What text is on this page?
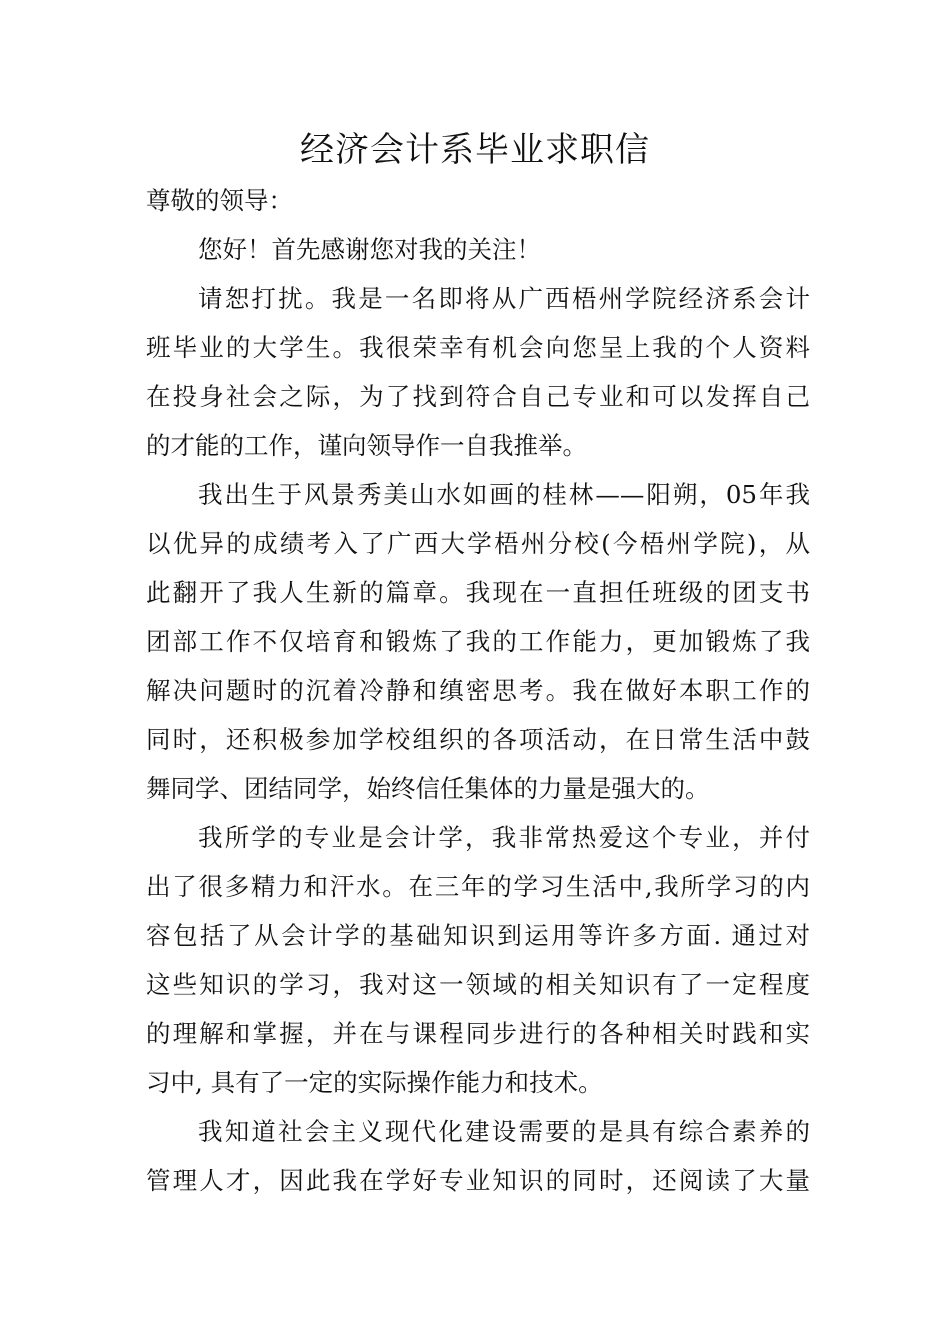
经济会计系毕业求职信
尊敬的领导：
您好！首先感谢您对我的关注！
请恕打扰。我是一名即将从广西梧州学院经济系会计
班毕业的大学生。我很荣幸有机会向您呈上我的个人资料
在投身社会之际，为了找到符合自己专业和可以发挥自己
的才能的工作，谨向领导作一自我推举。
我出生于风景秀美山水如画的桂林——阳朔，05年我
以优异的成绩考入了广西大学梧州分校(今梧州学院)，从
此翻开了我人生新的篇章。我现在一直担任班级的团支书
团部工作不仅培育和锻炼了我的工作能力，更加锻炼了我
解决问题时的沉着冷静和缜密思考。我在做好本职工作的
同时，还积极参加学校组织的各项活动，在日常生活中鼓
舞同学、团结同学，始终信任集体的力量是强大的。
我所学的专业是会计学，我非常热爱这个专业，并付
出了很多精力和汗水。在三年的学习生活中,我所学习的内
容包括了从会计学的基础知识到运用等许多方面. 通过对
这些知识的学习，我对这一领域的相关知识有了一定程度
的理解和掌握，并在与课程同步进行的各种相关时践和实
习中, 具有了一定的实际操作能力和技术。
我知道社会主义现代化建设需要的是具有综合素养的
管理人才，因此我在学好专业知识的同时，还阅读了大量
